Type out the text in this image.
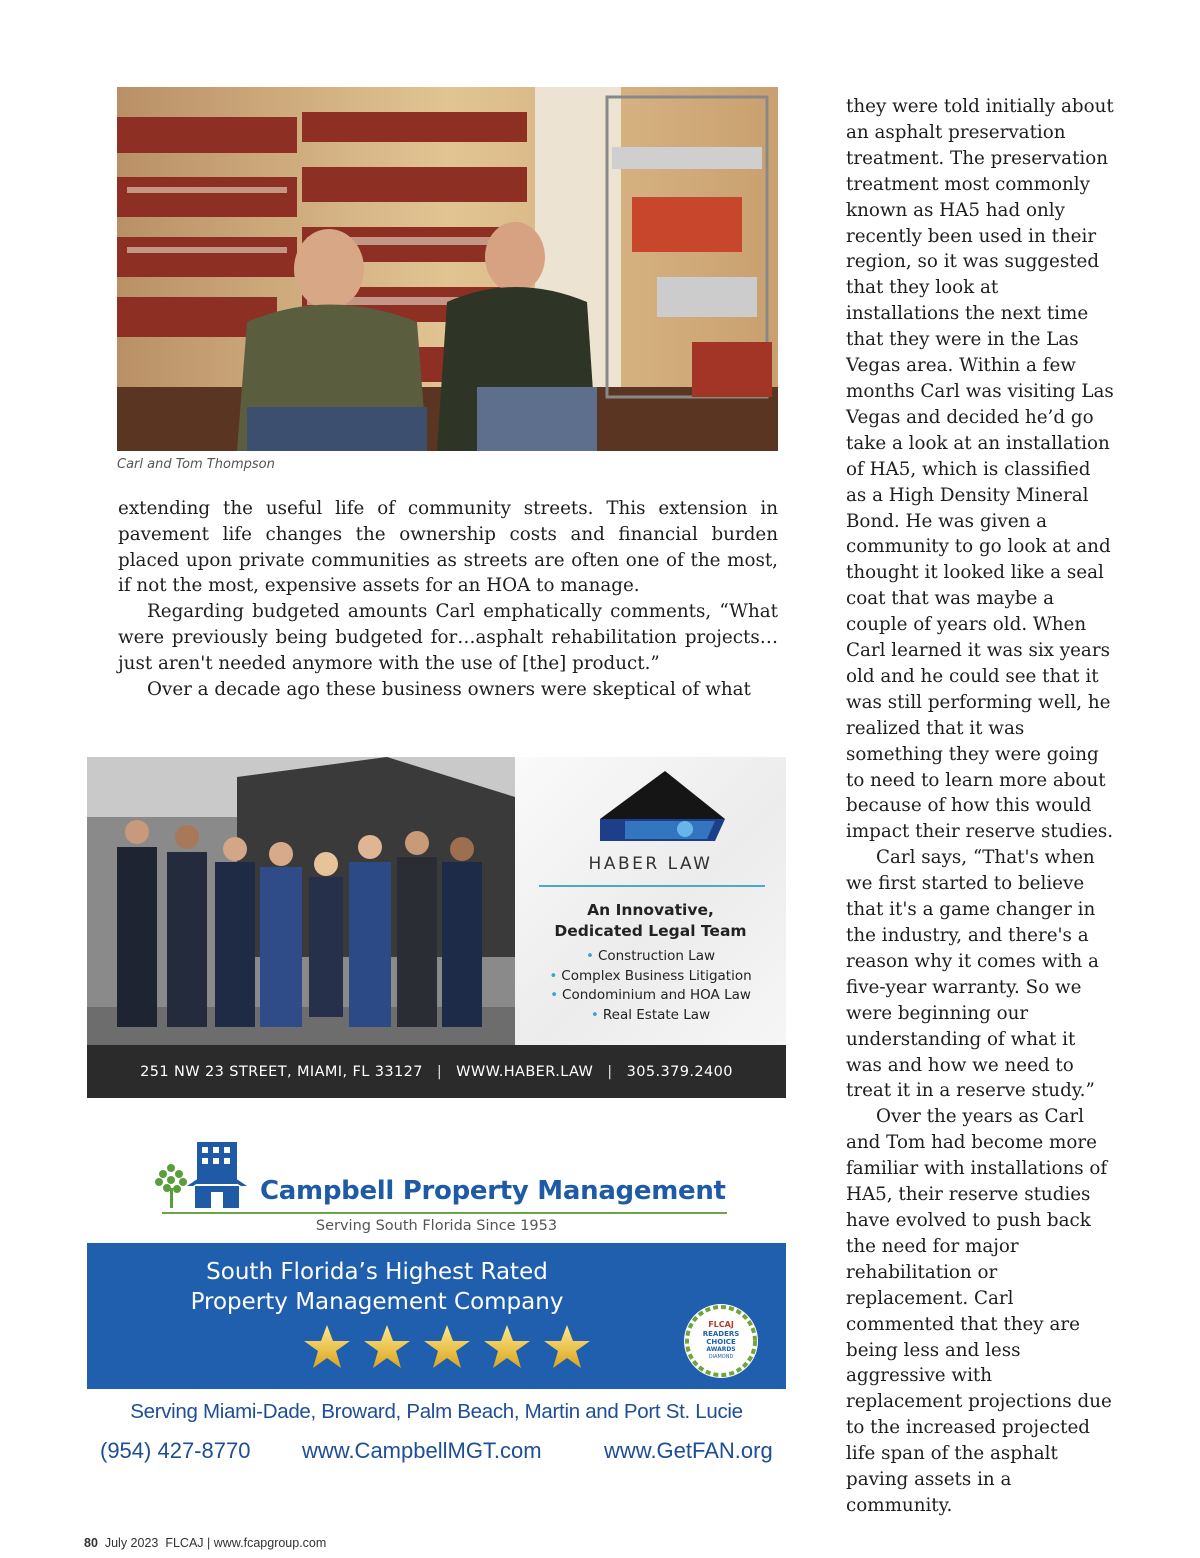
Carl and Tom Thompson

extending the useful life of community streets. This extension in pavement life changes the ownership costs and financial burden placed upon private communities as streets are often one of the most, if not the most, expensive assets for an HOA to manage.

Regarding budgeted amounts Carl emphatically comments, “What were previously being budgeted for…asphalt rehabilitation projects… just aren't needed anymore with the use of [the] product.”

Over a decade ago these business owners were skeptical of what

they were told initially about an asphalt preservation treatment. The preservation treatment most commonly known as HA5 had only recently been used in their region, so it was suggested that they look at installations the next time that they were in the Las Vegas area. Within a few months Carl was visiting Las Vegas and decided he’d go take a look at an installation of HA5, which is classified as a High Density Mineral Bond. He was given a community to go look at and thought it looked like a seal coat that was maybe a couple of years old. When Carl learned it was six years old and he could see that it was still performing well, he realized that it was something they were going to need to learn more about because of how this would impact their reserve studies.

Carl says, “That's when we first started to believe that it's a game changer in the industry, and there's a reason why it comes with a five-year warranty. So we were beginning our understanding of what it was and how we need to treat it in a reserve study.”

Over the years as Carl and Tom had become more familiar with installations of HA5, their reserve studies have evolved to push back the need for major rehabilitation or replacement. Carl commented that they are being less and less aggressive with replacement projections due to the increased projected life span of the asphalt paving assets in a community.

HABER LAW
An Innovative,
Dedicated Legal Team
• Construction Law
• Complex Business Litigation
• Condominium and HOA Law
• Real Estate Law
251 NW 23 STREET, MIAMI, FL 33127 | WWW.HABER.LAW | 305.379.2400
Campbell Property Management
Serving South Florida Since 1953
South Florida’s Highest Rated
Property Management Company
FLCAJ
READERS
CHOICE
AWARDS
DIAMOND
Serving Miami-Dade, Broward, Palm Beach, Martin and Port St. Lucie
(954) 427-8770 www.CampbellMGT.com	www.GetFAN.org
80 July 2023 FLCAJ | www.fcapgroup.com
